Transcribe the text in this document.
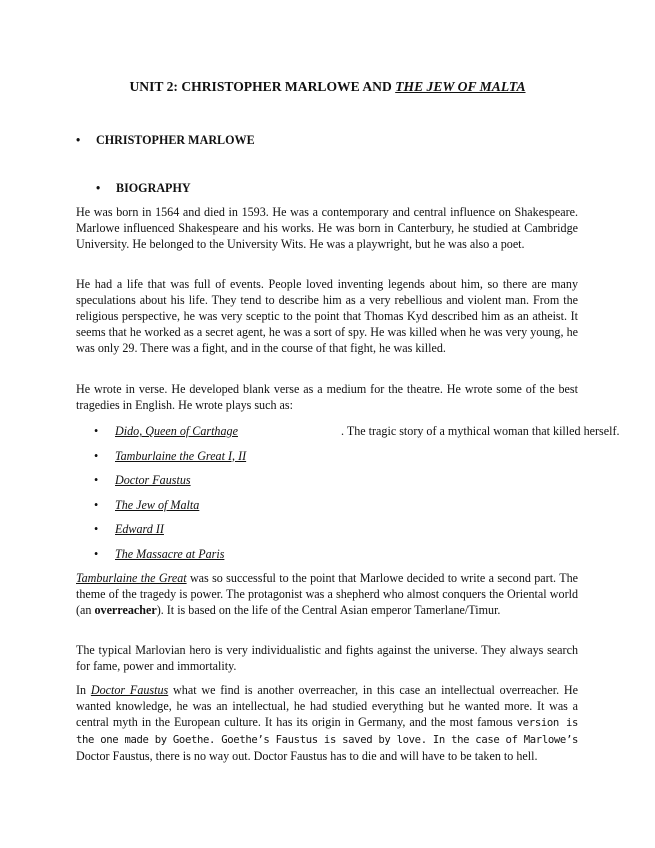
UNIT 2: CHRISTOPHER MARLOWE AND THE JEW OF MALTA
• CHRISTOPHER MARLOWE
• BIOGRAPHY

He was born in 1564 and died in 1593. He was a contemporary and central influence on Shakespeare. Marlowe influenced Shakespeare and his works. He was born in Canterbury, he studied at Cambridge University. He belonged to the University Wits. He was a playwright, but he was also a poet.

He had a life that was full of events. People loved inventing legends about him, so there are many speculations about his life. They tend to describe him as a very rebellious and violent man. From the religious perspective, he was very sceptic to the point that Thomas Kyd described him as an atheist. It seems that he worked as a secret agent, he was a sort of spy. He was killed when he was very young, he was only 29. There was a fight, and in the course of that fight, he was killed.

He wrote in verse. He developed blank verse as a medium for the theatre. He wrote some of the best tragedies in English. He wrote plays such as:

• Dido, Queen of Carthage	. The tragic story of a mythical woman that killed herself.
• Tamburlaine the Great I, II
• Doctor Faustus
• The Jew of Malta
• Edward II
• The Massacre at Paris

Tamburlaine the Great was so successful to the point that Marlowe decided to write a second part. The theme of the tragedy is power. The protagonist was a shepherd who almost conquers the Oriental world (an overreacher). It is based on the life of the Central Asian emperor Tamerlane/Timur.

The typical Marlovian hero is very individualistic and fights against the universe. They always search for fame, power and immortality.

In Doctor Faustus what we find is another overreacher, in this case an intellectual overreacher. He wanted knowledge, he was an intellectual, he had studied everything but he wanted more. It was a central myth in the European culture. It has its origin in Germany, and the most famous version is the one made by Goethe. Goethe’s Faustus is saved by love. In the case of Marlowe’s Doctor Faustus, there is no way out. Doctor Faustus has to die and will have to be taken to hell.
